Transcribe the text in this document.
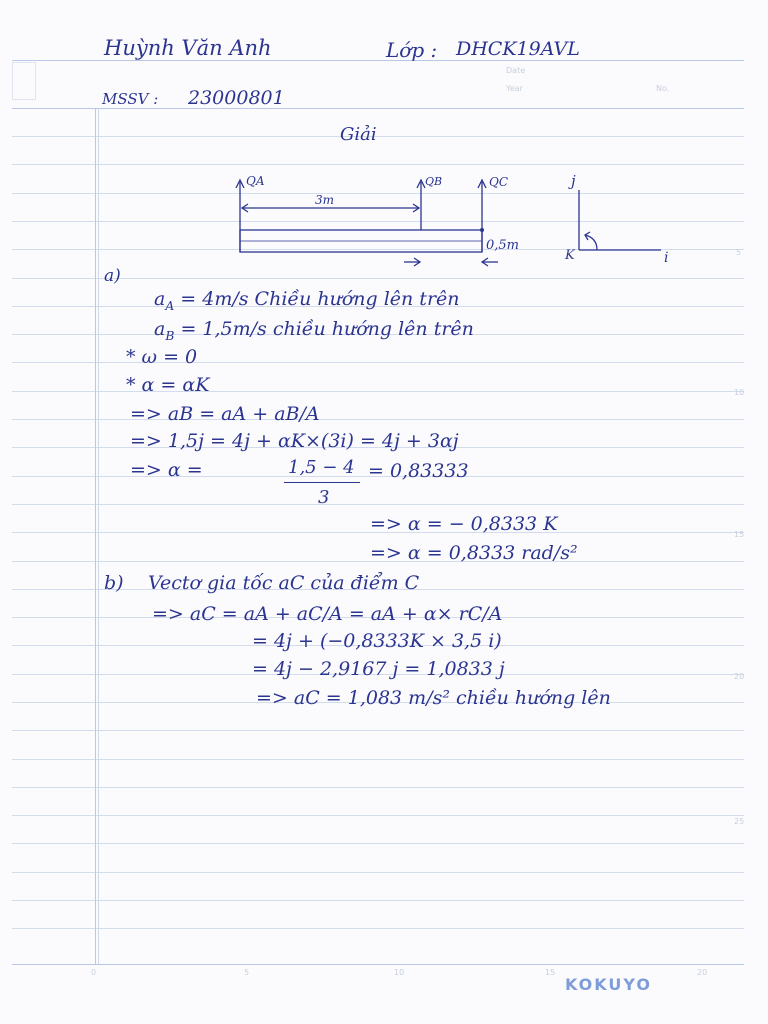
Huỳnh Văn Anh	Lớp : DHCK19AVL
MSSV : 23000801
Date
Year	No.
Giải
QA	QB	QC
3m
0,5m
j
i
K
a)
$a_A = 4m/s$ Chiều hướng lên trên
$a_B = 1,5m/s$ chiều hướng lên trên
* ω = 0
* α = αK
=> aB = aA + aB/A
=> 1,5j = 4j + αK×(3i) = 4j + 3αj
=> α =	1,5 − 4
3
= 0,83333
=> α = − 0,8333 K
=> α = 0,8333 rad/s²
b) Vectơ gia tốc aC của điểm C
=> aC = aA + aC/A = aA + α× rC/A
= 4j + (−0,8333K × 3,5 i)
= 4j − 2,9167 j = 1,0833 j
=> aC = 1,083 m/s² chiều hướng lên
5
10
15
20
25
0	5	10	15	20
KOKUYO
